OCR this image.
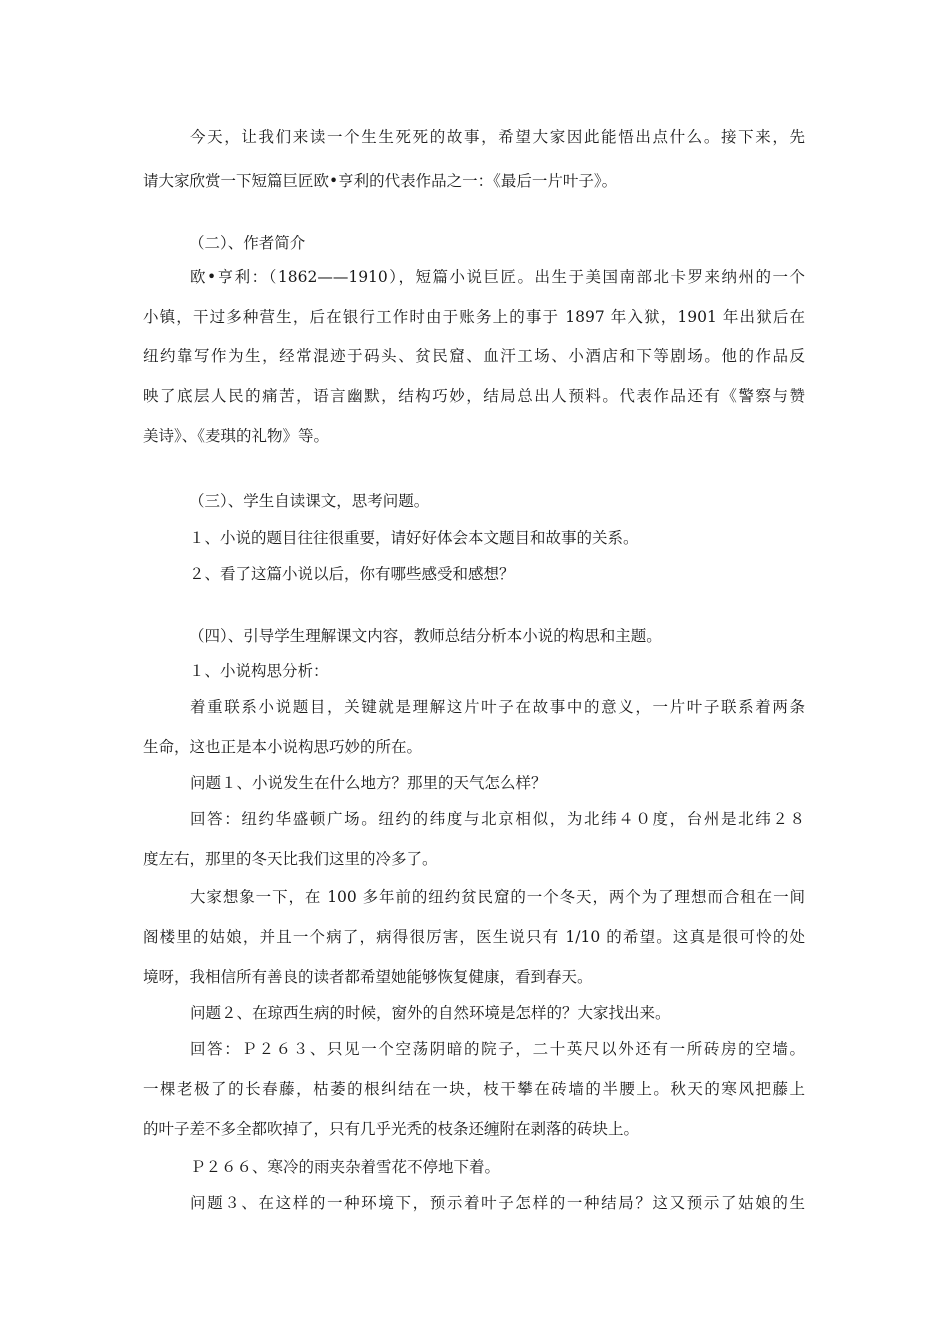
今天，让我们来读一个生生死死的故事，希望大家因此能悟出点什么。接下来，先
请大家欣赏一下短篇巨匠欧•亨利的代表作品之一：《最后一片叶子》。
（二）、作者简介
欧•亨利：（1862——1910），短篇小说巨匠。出生于美国南部北卡罗来纳州的一个
小镇，干过多种营生，后在银行工作时由于账务上的事于 1897 年入狱，1901 年出狱后在
纽约靠写作为生，经常混迹于码头、贫民窟、血汗工场、小酒店和下等剧场。他的作品反
映了底层人民的痛苦，语言幽默，结构巧妙，结局总出人预料。代表作品还有《警察与赞
美诗》、《麦琪的礼物》等。
（三）、学生自读课文，思考问题。
１、小说的题目往往很重要，请好好体会本文题目和故事的关系。
２、看了这篇小说以后，你有哪些感受和感想？
（四）、引导学生理解课文内容，教师总结分析本小说的构思和主题。
１、小说构思分析：
着重联系小说题目，关键就是理解这片叶子在故事中的意义，一片叶子联系着两条
生命，这也正是本小说构思巧妙的所在。
问题１、小说发生在什么地方？那里的天气怎么样？
回答：纽约华盛顿广场。纽约的纬度与北京相似，为北纬４０度，台州是北纬２８
度左右，那里的冬天比我们这里的冷多了。
大家想象一下，在 100 多年前的纽约贫民窟的一个冬天，两个为了理想而合租在一间
阁楼里的姑娘，并且一个病了，病得很厉害，医生说只有 1/10 的希望。这真是很可怜的处
境呀，我相信所有善良的读者都希望她能够恢复健康，看到春天。
问题２、在琼西生病的时候，窗外的自然环境是怎样的？大家找出来。
回答：Ｐ２６３、只见一个空荡阴暗的院子，二十英尺以外还有一所砖房的空墙。
一棵老极了的长春藤，枯萎的根纠结在一块，枝干攀在砖墙的半腰上。秋天的寒风把藤上
的叶子差不多全都吹掉了，只有几乎光秃的枝条还缠附在剥落的砖块上。
Ｐ２６６、寒冷的雨夹杂着雪花不停地下着。
问题３、在这样的一种环境下，预示着叶子怎样的一种结局？这又预示了姑娘的生
